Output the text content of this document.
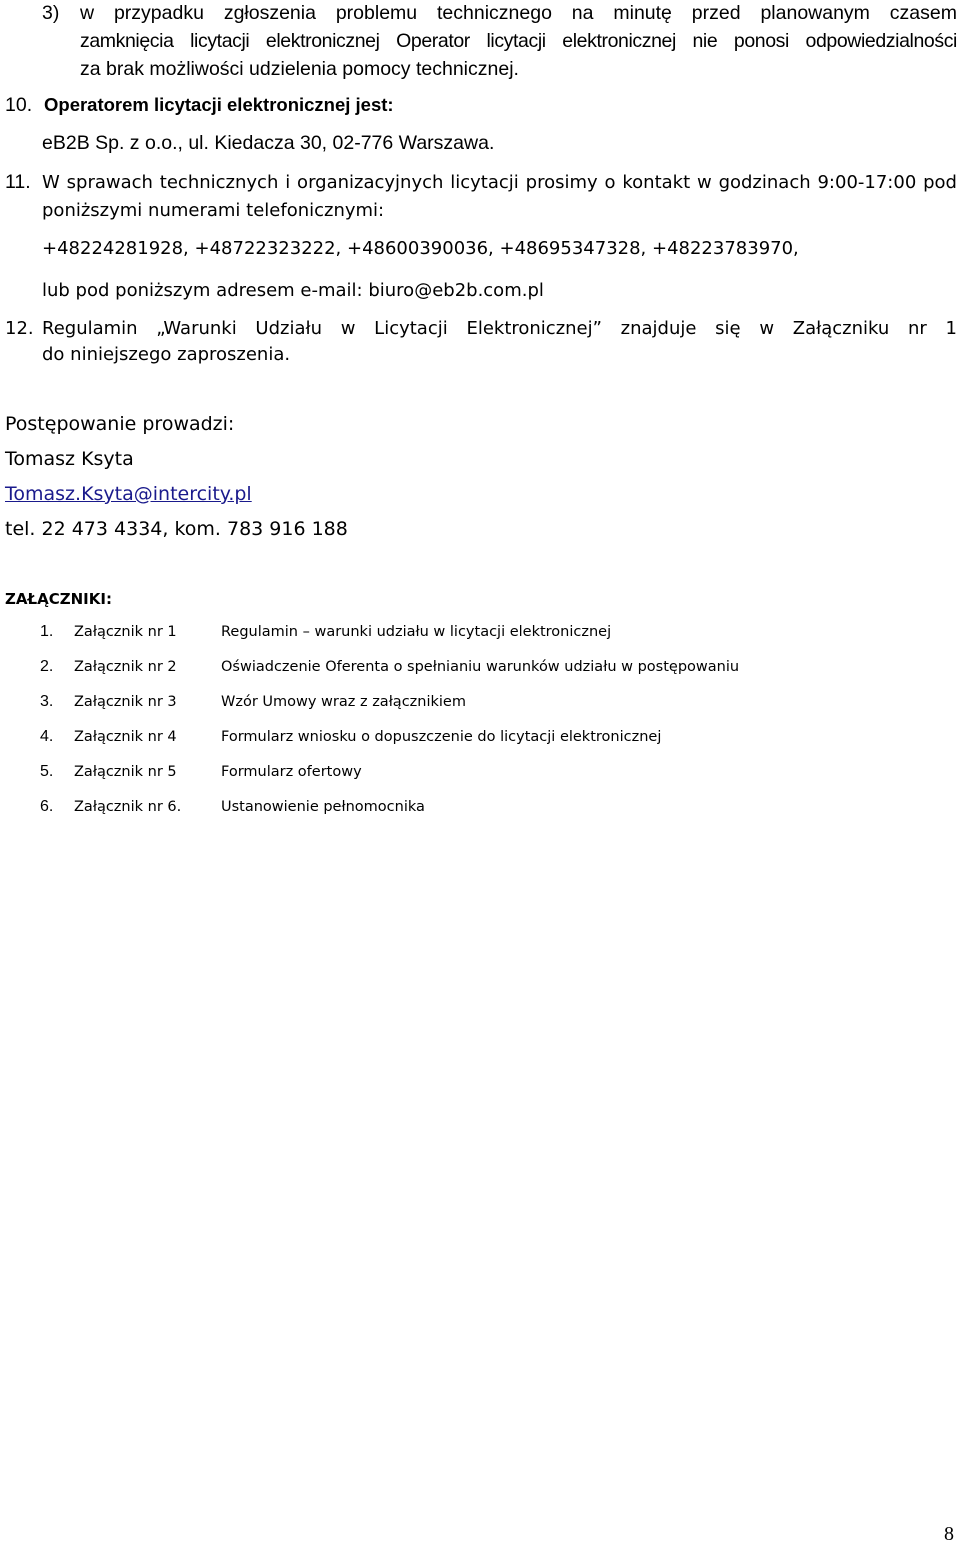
3) w przypadku zgłoszenia problemu technicznego na minutę przed planowanym czasem
zamknięcia licytacji elektronicznej Operator licytacji elektronicznej nie ponosi odpowiedzialności
za brak możliwości udzielenia pomocy technicznej.
10. Operatorem licytacji elektronicznej jest:
eB2B Sp. z o.o., ul. Kiedacza 30, 02-776 Warszawa.
11. W sprawach technicznych i organizacyjnych licytacji prosimy o kontakt w godzinach 9:00-17:00 pod
poniższymi numerami telefonicznymi:
+48224281928, +48722323222, +48600390036, +48695347328, +48223783970,
lub pod poniższym adresem e-mail: biuro@eb2b.com.pl
12. Regulamin „Warunki Udziału w Licytacji Elektronicznej” znajduje się w Załączniku nr 1
do niniejszego zaproszenia.
Postępowanie prowadzi:
Tomasz Ksyta
Tomasz.Ksyta@intercity.pl
tel. 22 473 4334, kom. 783 916 188
ZAŁĄCZNIKI:
1. Załącznik nr 1	Regulamin – warunki udziału w licytacji elektronicznej
2. Załącznik nr 2	Oświadczenie Oferenta o spełnianiu warunków udziału w postępowaniu
3. Załącznik nr 3	Wzór Umowy wraz z załącznikiem
4. Załącznik nr 4	Formularz wniosku o dopuszczenie do licytacji elektronicznej
5. Załącznik nr 5	Formularz ofertowy
6. Załącznik nr 6.	Ustanowienie pełnomocnika
8
